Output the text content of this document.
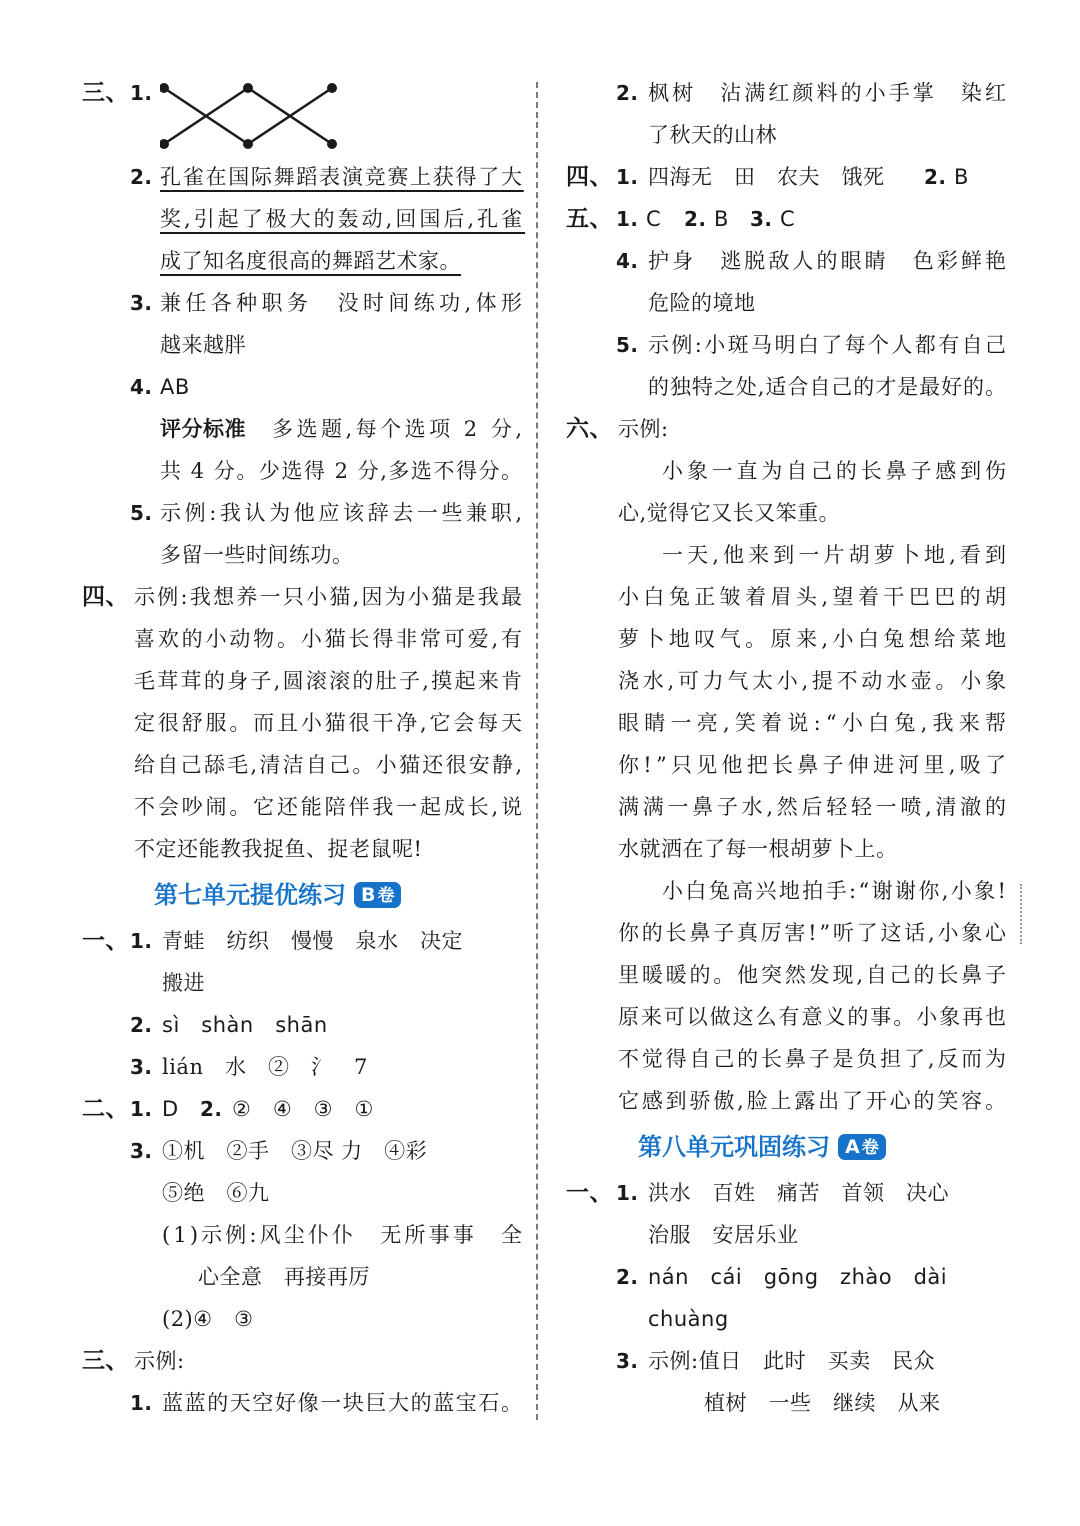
三、 1.
2. 孔雀在国际舞蹈表演竞赛上获得了大
奖,引起了极大的轰动,回国后,孔雀
成了知名度很高的舞蹈艺术家。
3. 兼任各种职务　没时间练功,体形
越来越胖
4. AB
评分标准 多选题,每个选项 2 分,
共 4 分。少选得 2 分,多选不得分。
5. 示例:我认为他应该辞去一些兼职,
多留一些时间练功。
四、 示例:我想养一只小猫,因为小猫是我最
喜欢的小动物。小猫长得非常可爱,有
毛茸茸的身子,圆滚滚的肚子,摸起来肯
定很舒服。而且小猫很干净,它会每天
给自己舔毛,清洁自己。小猫还很安静,
不会吵闹。它还能陪伴我一起成长,说
不定还能教我捉鱼、捉老鼠呢!
第七单元提优练习 B 卷
一、 1. 青蛙　纺织　慢慢　泉水　决定
搬进
2. sì　shàn　shān
3. lián　水　②　氵　7
二、 1. D 2. ②　④　③　①
3. ①机　②手　③尽 力　④彩
⑤绝　⑥九
(1)示例:风尘仆仆　无所事事　全
心全意　再接再厉
(2)④　③
三、 示例:
1. 蓝蓝的天空好像一块巨大的蓝宝石。
2. 枫树　沾满红颜料的小手掌　染红
了秋天的山林
四、 1. 四海无　田　农夫　饿死 2. B
五、 1. C 2. B 3. C
4. 护身　逃脱敌人的眼睛　色彩鲜艳
危险的境地
5. 示例:小斑马明白了每个人都有自己
的独特之处,适合自己的才是最好的。
六、 示例:
小象一直为自己的长鼻子感到伤
心,觉得它又长又笨重。
一天,他来到一片胡萝卜地,看到
小白兔正皱着眉头,望着干巴巴的胡
萝卜地叹气。原来,小白兔想给菜地
浇水,可力气太小,提不动水壶。小象
眼睛一亮,笑着说:“小白兔,我来帮
你!”只见他把长鼻子伸进河里,吸了
满满一鼻子水,然后轻轻一喷,清澈的
水就洒在了每一根胡萝卜上。
小白兔高兴地拍手:“谢谢你,小象!
你的长鼻子真厉害!”听了这话,小象心
里暖暖的。他突然发现,自己的长鼻子
原来可以做这么有意义的事。小象再也
不觉得自己的长鼻子是负担了,反而为
它感到骄傲,脸上露出了开心的笑容。
第八单元巩固练习 A 卷
一、 1. 洪水　百姓　痛苦　首领　决心
治服　安居乐业
2. nán　cái　gōng　zhào　dài
chuàng
3. 示例:值日　此时　买卖　民众
植树　一些　继续　从来
